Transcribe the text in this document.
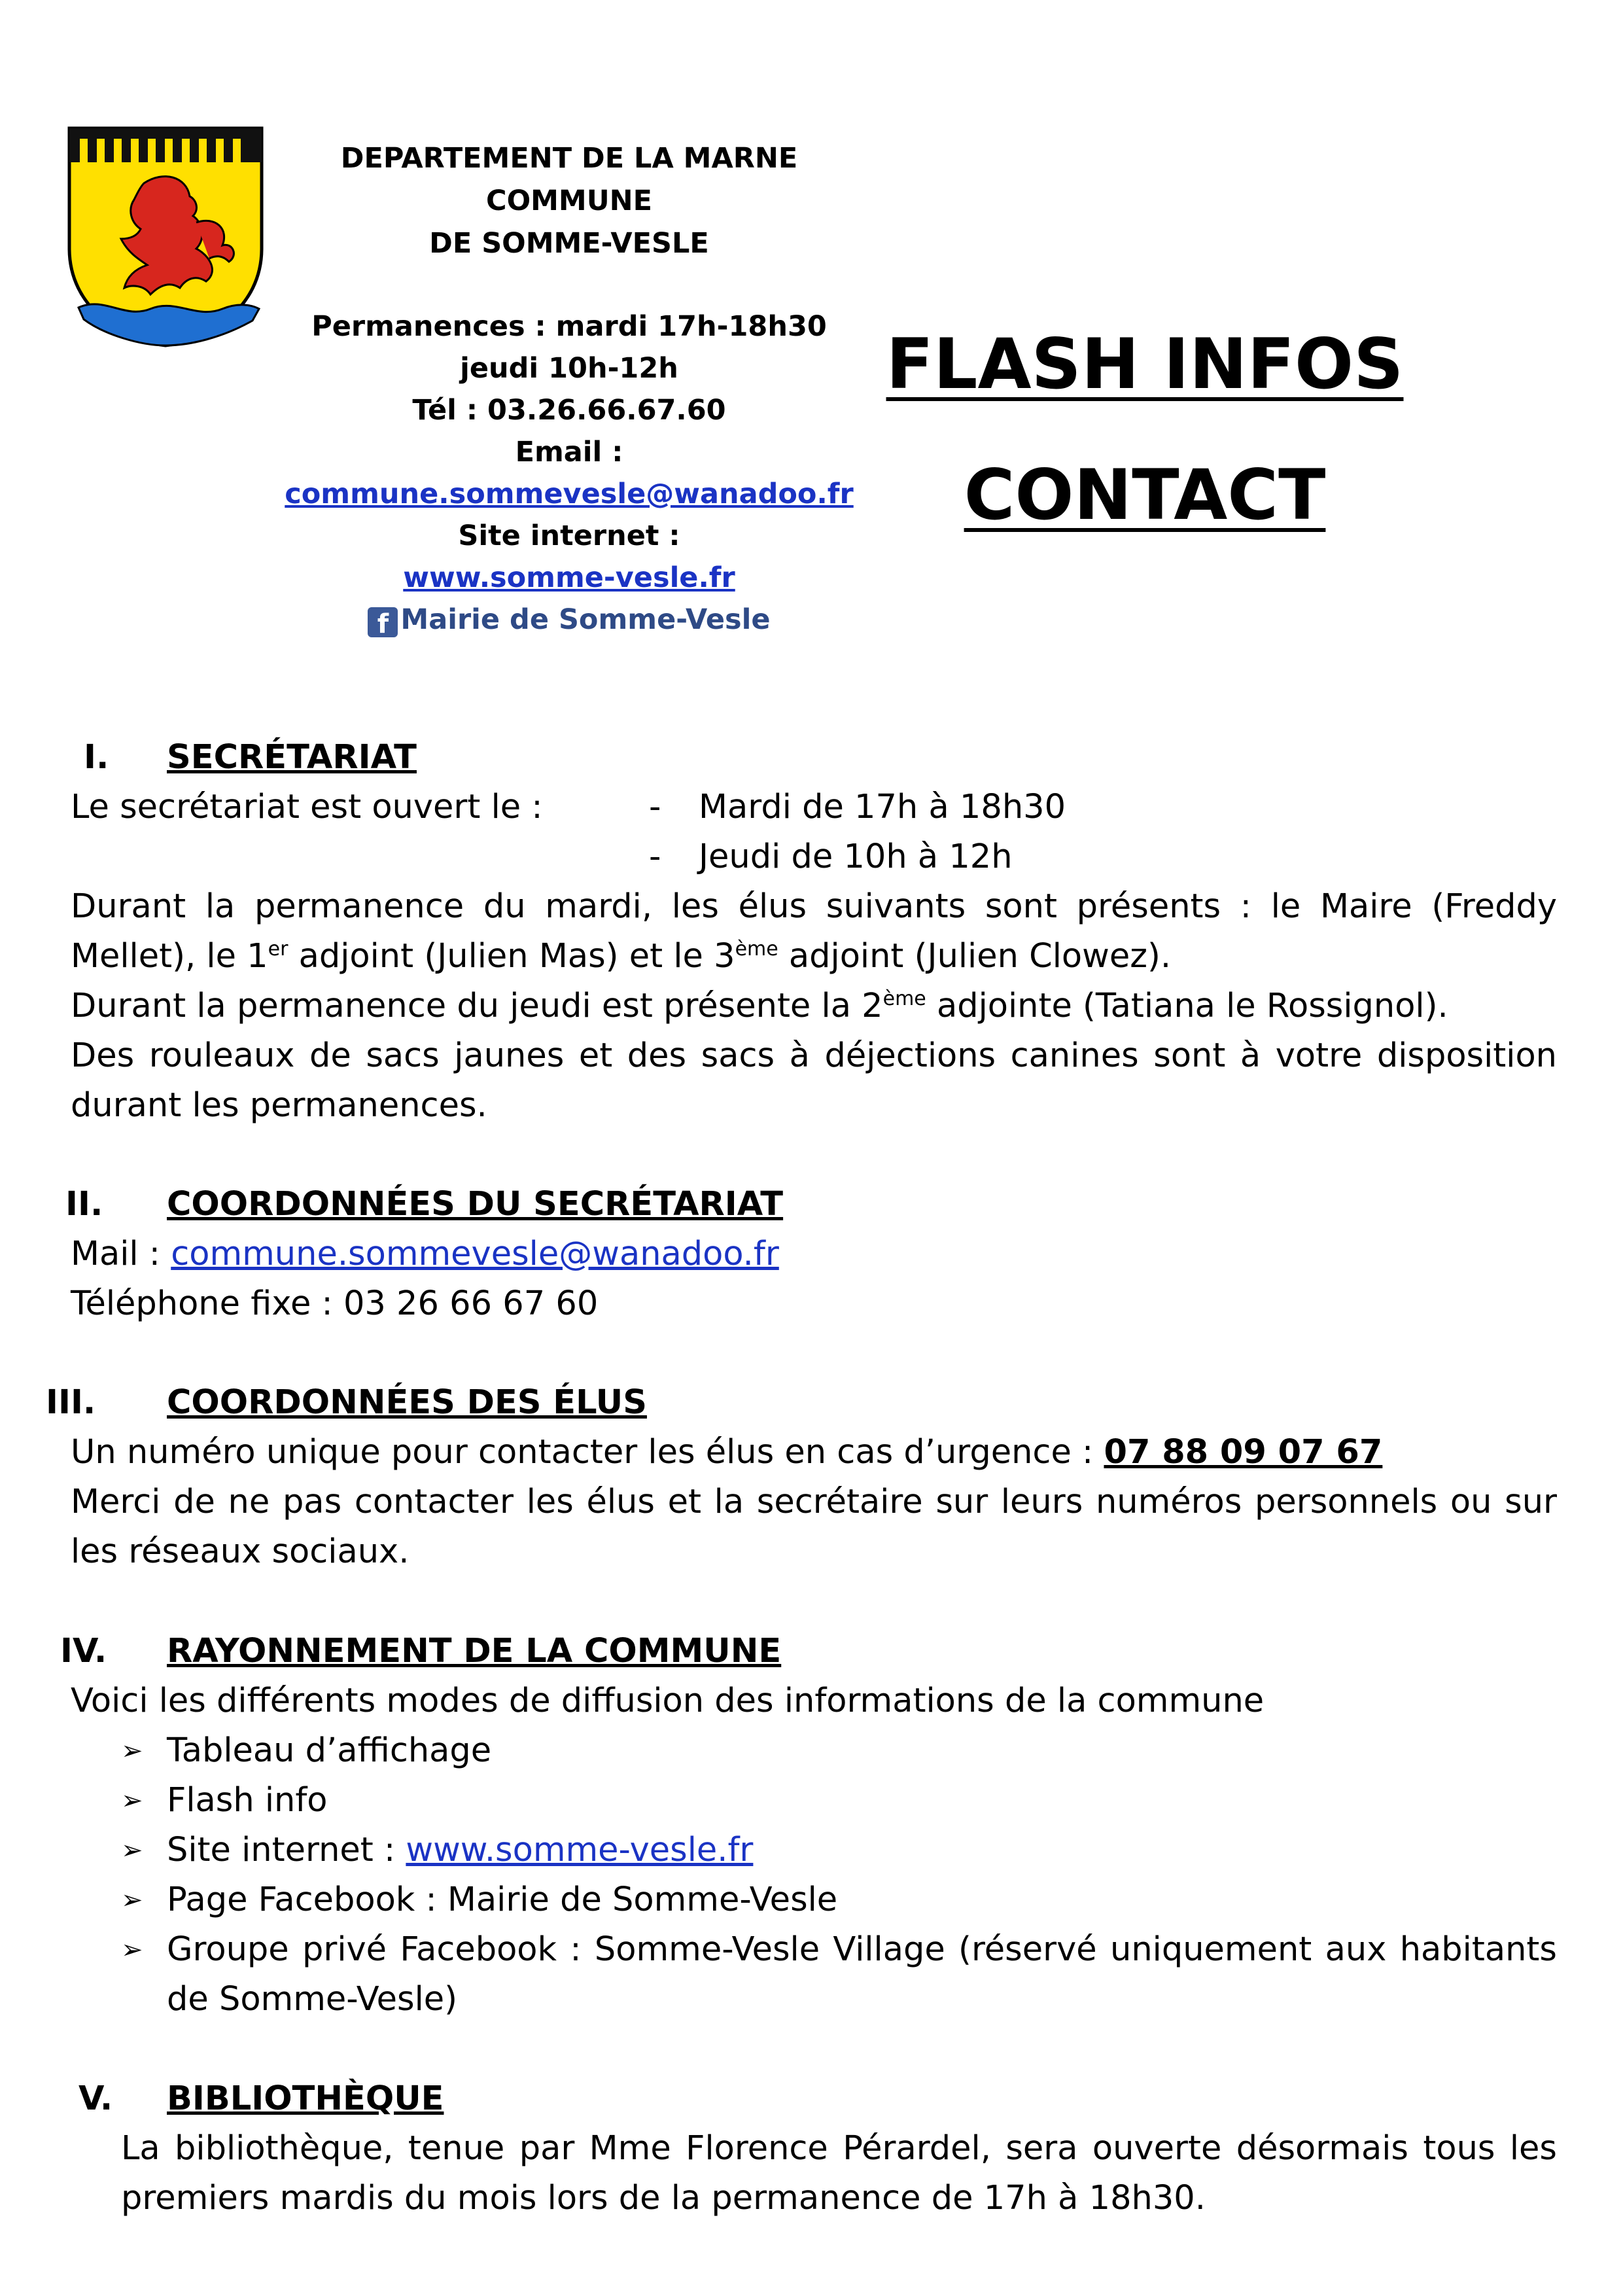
DEPARTEMENT DE LA MARNE
COMMUNE
DE SOMME-VESLE
Permanences : mardi 17h-18h30
jeudi 10h-12h
Tél : 03.26.66.67.60
Email :
commune.sommevesle@wanadoo.fr
Site internet :
www.somme-vesle.fr
f Mairie de Somme-Vesle
FLASH INFOS
CONTACT
I. SECRÉTARIAT
Le secrétariat est ouvert le :	- Mardi de 17h à 18h30
- Jeudi de 10h à 12h
Durant la permanence du mardi, les élus suivants sont présents : le Maire (Freddy Mellet), le 1er adjoint (Julien Mas) et le 3ème adjoint (Julien Clowez).
Durant la permanence du jeudi est présente la 2ème adjointe (Tatiana le Rossignol).
Des rouleaux de sacs jaunes et des sacs à déjections canines sont à votre disposition durant les permanences.
II. COORDONNÉES DU SECRÉTARIAT
Mail : commune.sommevesle@wanadoo.fr
Téléphone fixe : 03 26 66 67 60
III. COORDONNÉES DES ÉLUS
Un numéro unique pour contacter les élus en cas d’urgence : 07 88 09 07 67
Merci de ne pas contacter les élus et la secrétaire sur leurs numéros personnels ou sur les réseaux sociaux.
IV. RAYONNEMENT DE LA COMMUNE
Voici les différents modes de diffusion des informations de la commune
➢ Tableau d’affichage
➢ Flash info
➢ Site internet : www.somme-vesle.fr
➢ Page Facebook : Mairie de Somme-Vesle
➢ Groupe privé Facebook : Somme-Vesle Village (réservé uniquement aux habitants de Somme-Vesle)
V. BIBLIOTHÈQUE
La bibliothèque, tenue par Mme Florence Pérardel, sera ouverte désormais tous les premiers mardis du mois lors de la permanence de 17h à 18h30.
